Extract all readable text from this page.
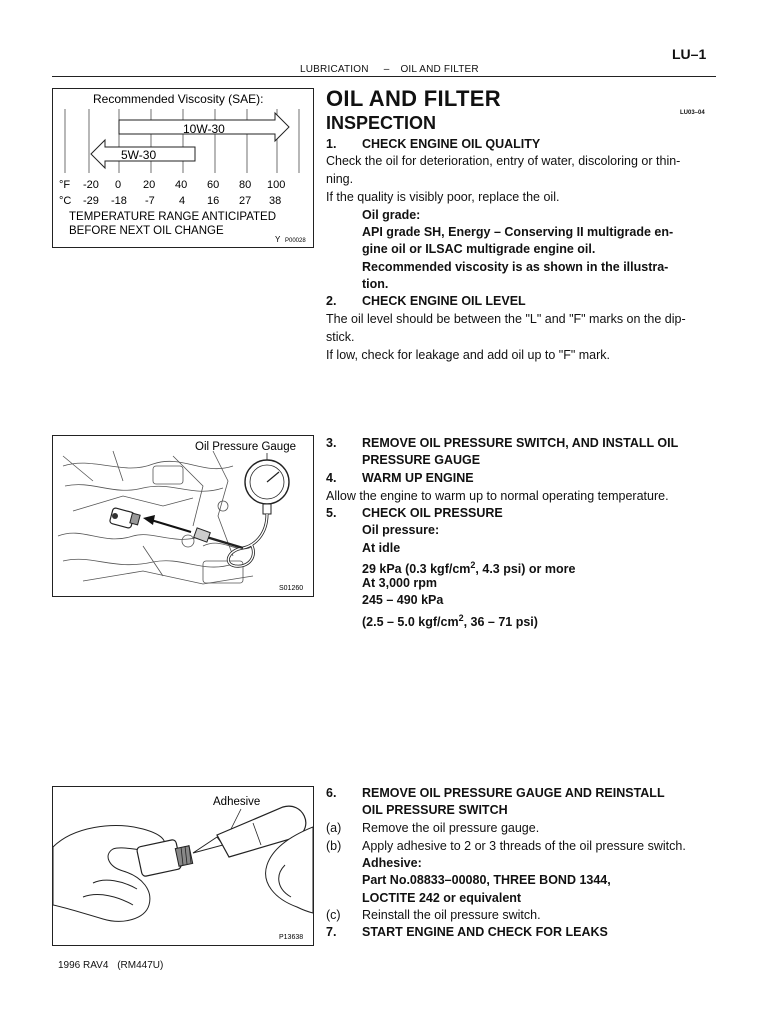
LU–1
LUBRICATION – OIL AND FILTER
OIL AND FILTER
LU03–04
INSPECTION
Recommended Viscosity (SAE):
10W-30
5W-30
°F -20 0 20 40 60 80 100
°C -29 -18 -7 4 16 27 38
TEMPERATURE RANGE ANTICIPATED
BEFORE NEXT OIL CHANGE
Y P00028
1. CHECK ENGINE OIL QUALITY
Check the oil for deterioration, entry of water, discoloring or thin-
ning.
If the quality is visibly poor, replace the oil.
Oil grade:
API grade SH, Energy – Conserving II multigrade en-
gine oil or ILSAC multigrade engine oil.
Recommended viscosity is as shown in the illustra-
tion.
2. CHECK ENGINE OIL LEVEL
The oil level should be between the "L" and "F" marks on the dip-
stick.
If low, check for leakage and add oil up to "F" mark.
Oil Pressure Gauge
S01260
3. REMOVE OIL PRESSURE SWITCH, AND INSTALL OIL
PRESSURE GAUGE
4. WARM UP ENGINE
Allow the engine to warm up to normal operating temperature.
5. CHECK OIL PRESSURE
Oil pressure:
At idle
29 kPa (0.3 kgf/$cm^2$, 4.3 psi) or more
At 3,000 rpm
245 – 490 kPa
(2.5 – 5.0 kgf/$cm^2$, 36 – 71 psi)
Adhesive
P13638
6. REMOVE OIL PRESSURE GAUGE AND REINSTALL
OIL PRESSURE SWITCH
(a) Remove the oil pressure gauge.
(b) Apply adhesive to 2 or 3 threads of the oil pressure switch.
Adhesive:
Part No.08833–00080, THREE BOND 1344,
LOCTITE 242 or equivalent
(c) Reinstall the oil pressure switch.
7. START ENGINE AND CHECK FOR LEAKS
1996 RAV4 (RM447U)
